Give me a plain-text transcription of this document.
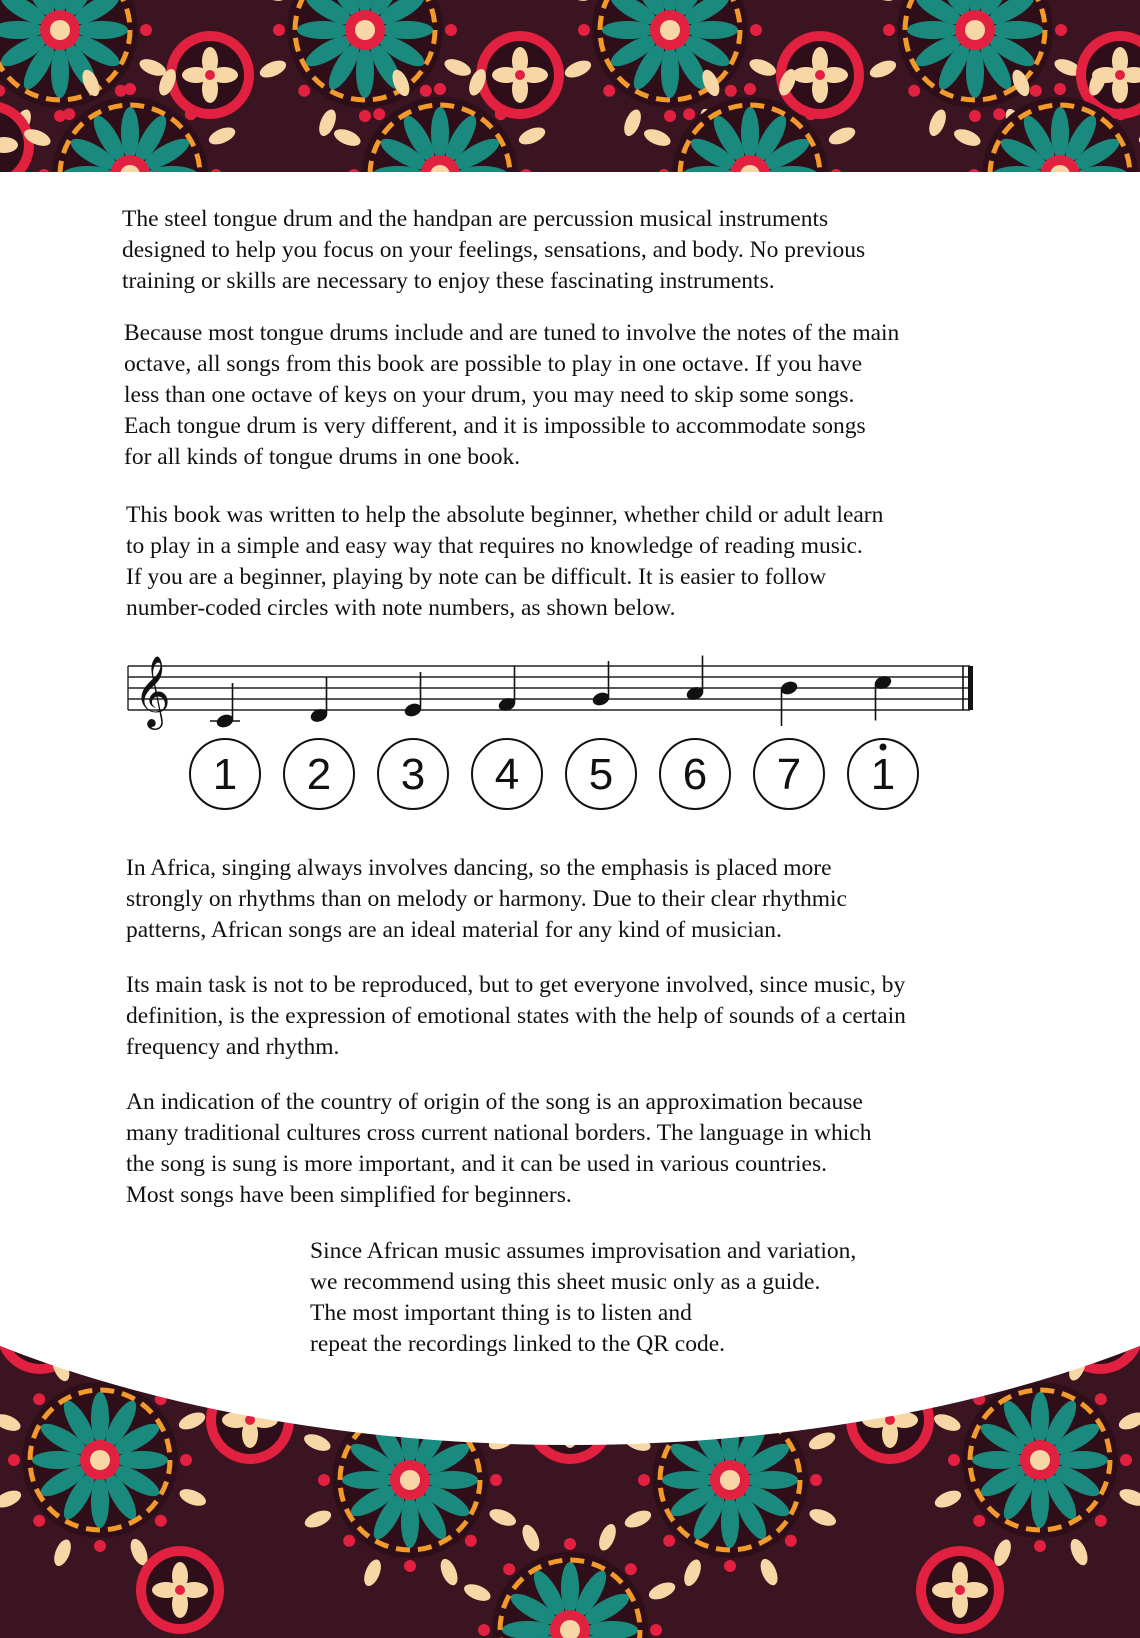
The steel tongue drum and the handpan are percussion musical instruments
designed to help you focus on your feelings, sensations, and body. No previous
training or skills are necessary to enjoy these fascinating instruments.

Because most tongue drums include and are tuned to involve the notes of the main
octave, all songs from this book are possible to play in one octave. If you have
less than one octave of keys on your drum, you may need to skip some songs.
Each tongue drum is very different, and it is impossible to accommodate songs
for all kinds of tongue drums in one book.

This book was written to help the absolute beginner, whether child or adult learn
to play in a simple and easy way that requires no knowledge of reading music.
If you are a beginner, playing by note can be difficult. It is easier to follow
number-coded circles with note numbers, as shown below.

𝄞
1 2 3 4 5 6 7 1

In Africa, singing always involves dancing, so the emphasis is placed more
strongly on rhythms than on melody or harmony. Due to their clear rhythmic
patterns, African songs are an ideal material for any kind of musician.

Its main task is not to be reproduced, but to get everyone involved, since music, by
definition, is the expression of emotional states with the help of sounds of a certain
frequency and rhythm.

An indication of the country of origin of the song is an approximation because
many traditional cultures cross current national borders. The language in which
the song is sung is more important, and it can be used in various countries.
Most songs have been simplified for beginners.

Since African music assumes improvisation and variation,
we recommend using this sheet music only as a guide.
The most important thing is to listen and
repeat the recordings linked to the QR code.
